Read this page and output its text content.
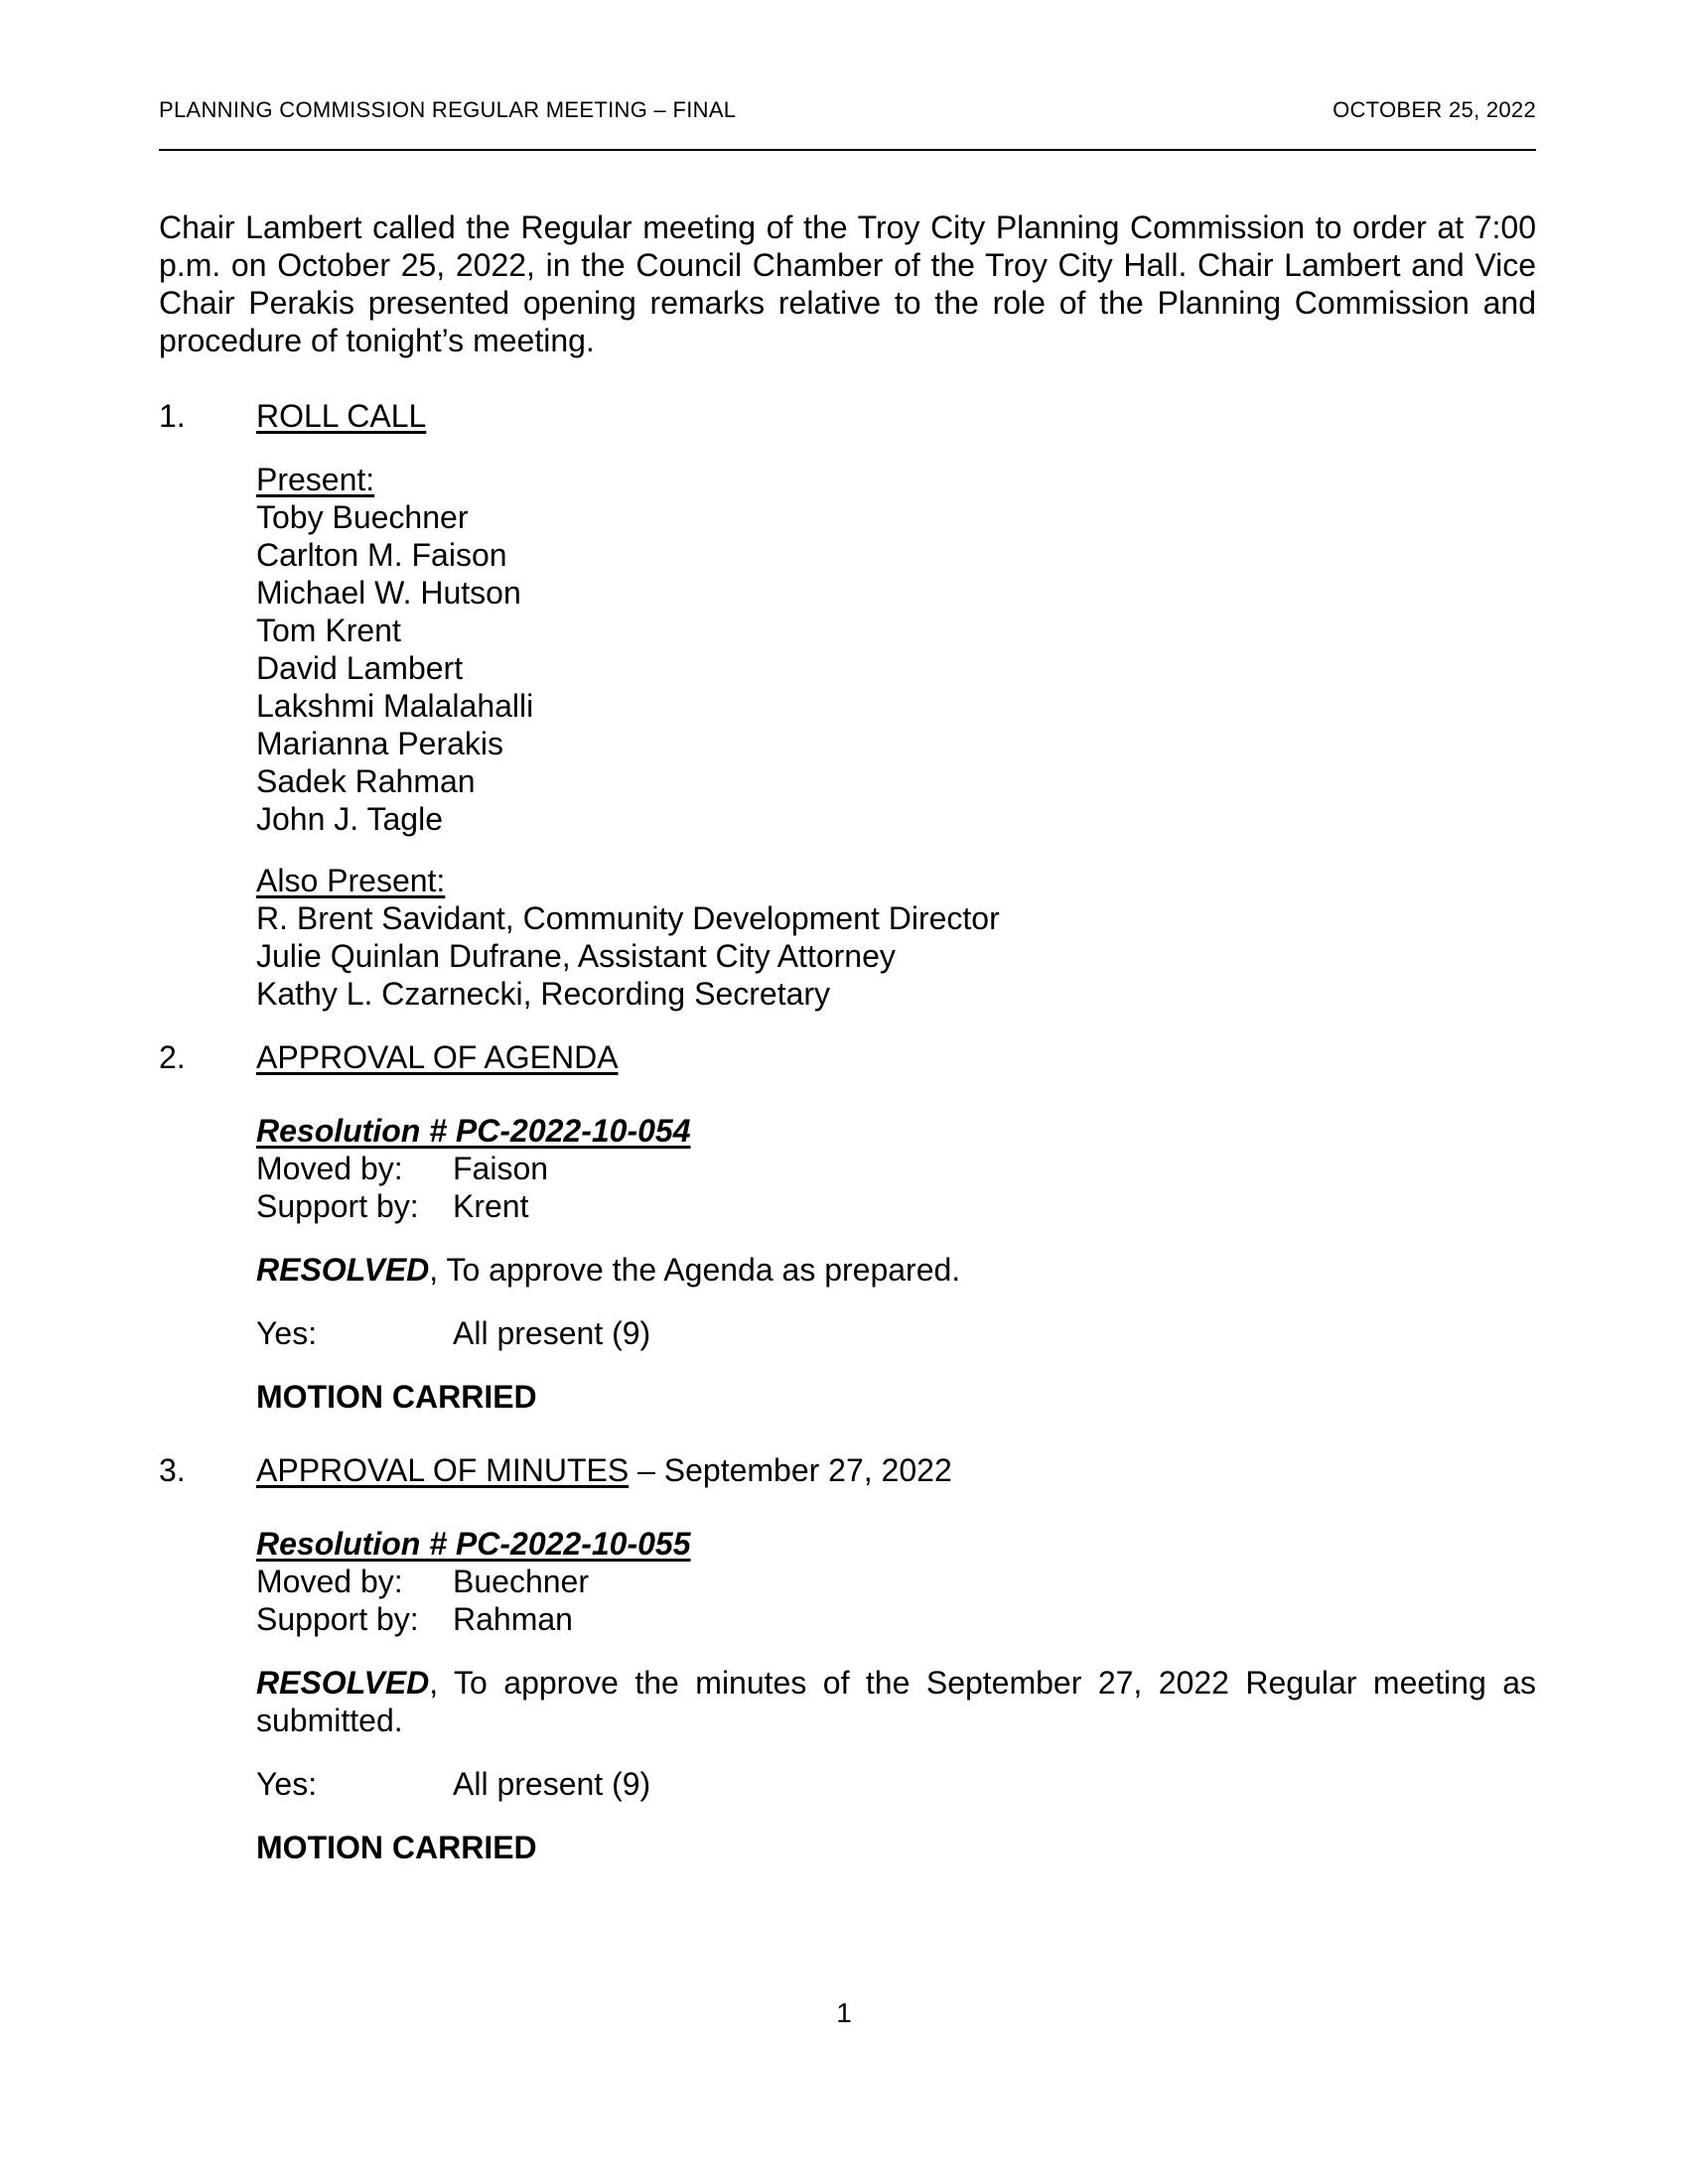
PLANNING COMMISSION REGULAR MEETING – FINAL	OCTOBER 25, 2022
Chair Lambert called the Regular meeting of the Troy City Planning Commission to order at 7:00 p.m. on October 25, 2022, in the Council Chamber of the Troy City Hall. Chair Lambert and Vice Chair Perakis presented opening remarks relative to the role of the Planning Commission and procedure of tonight’s meeting.
1. ROLL CALL
Present:
Toby Buechner
Carlton M. Faison
Michael W. Hutson
Tom Krent
David Lambert
Lakshmi Malalahalli
Marianna Perakis
Sadek Rahman
John J. Tagle
Also Present:
R. Brent Savidant, Community Development Director
Julie Quinlan Dufrane, Assistant City Attorney
Kathy L. Czarnecki, Recording Secretary
2. APPROVAL OF AGENDA
Resolution # PC-2022-10-054
Moved by:	Faison
Support by:	Krent
RESOLVED, To approve the Agenda as prepared.
Yes:	All present (9)
MOTION CARRIED
3. APPROVAL OF MINUTES – September 27, 2022
Resolution # PC-2022-10-055
Moved by:	Buechner
Support by:	Rahman
RESOLVED, To approve the minutes of the September 27, 2022 Regular meeting as submitted.
Yes:	All present (9)
MOTION CARRIED
1
